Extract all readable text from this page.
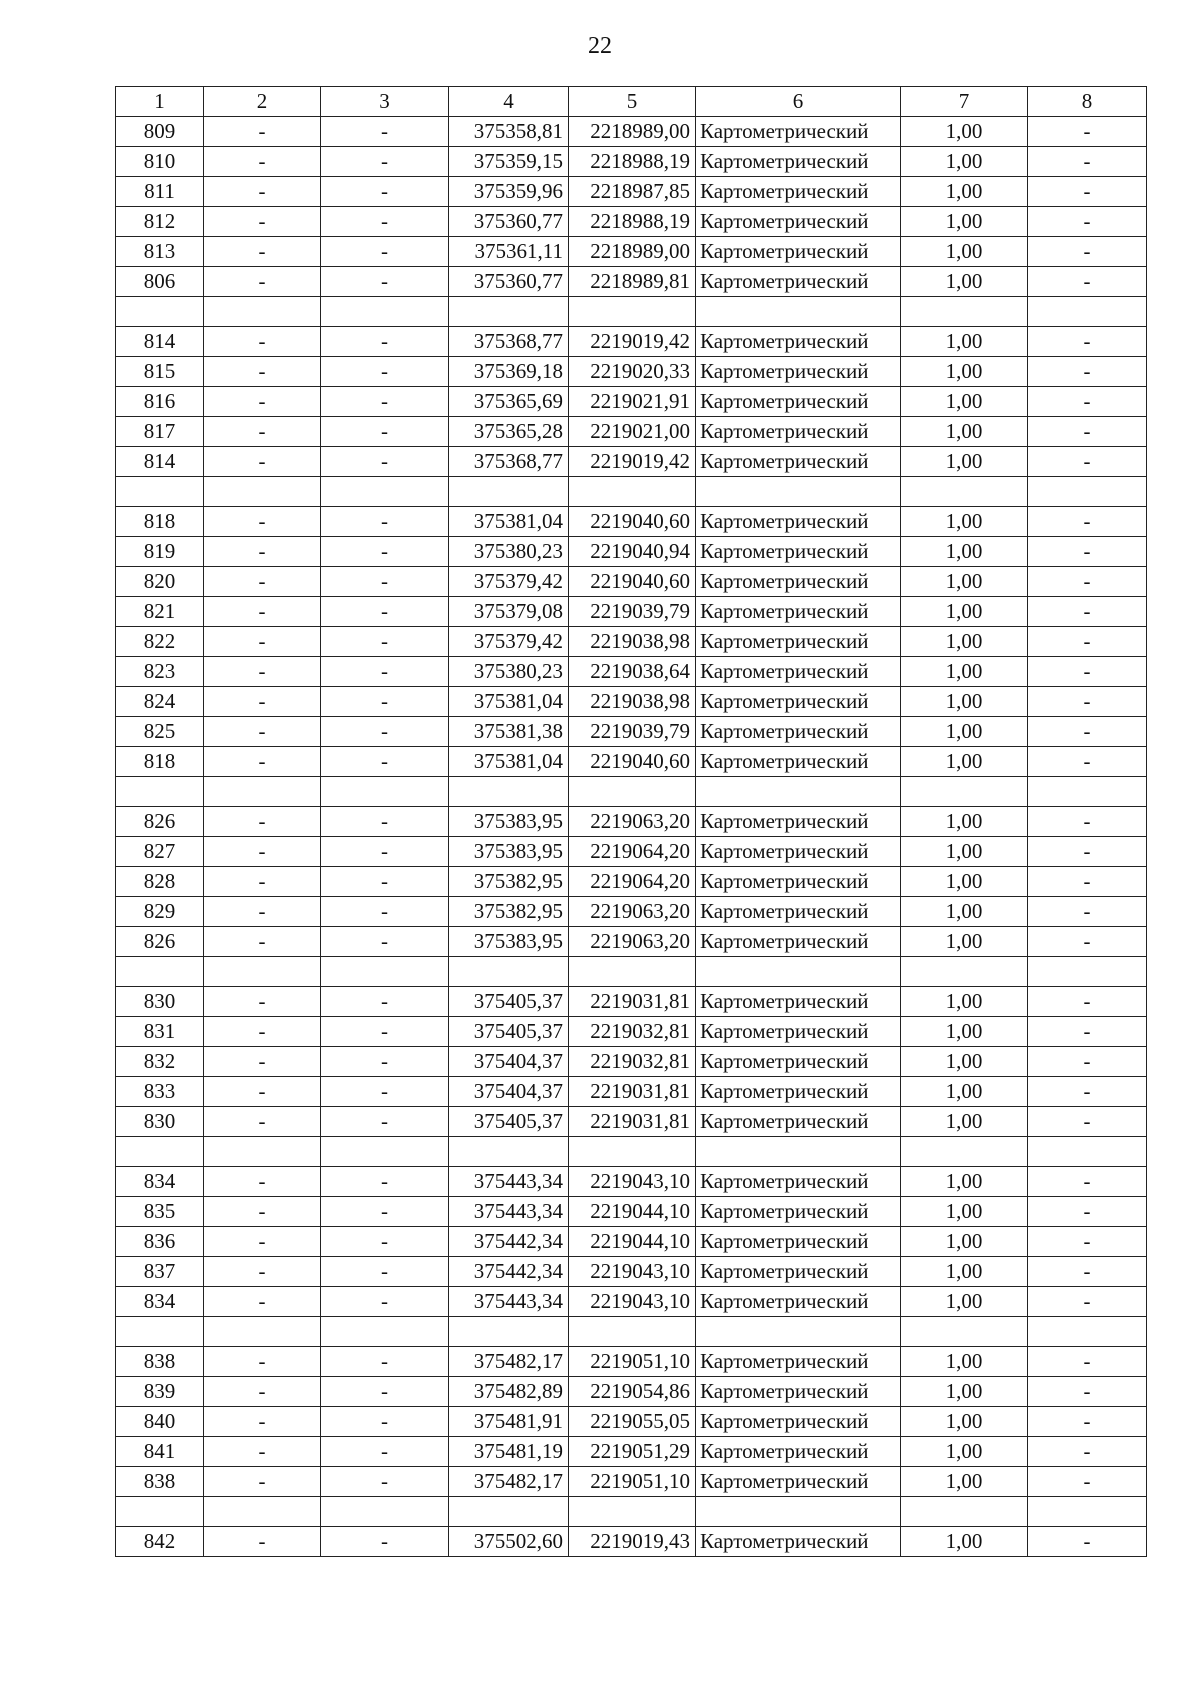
22
1	2	3	4	5	6	7	8
809	-	-	375358,81	2218989,00	Картометрический	1,00	-
810	-	-	375359,15	2218988,19	Картометрический	1,00	-
811	-	-	375359,96	2218987,85	Картометрический	1,00	-
812	-	-	375360,77	2218988,19	Картометрический	1,00	-
813	-	-	375361,11	2218989,00	Картометрический	1,00	-
806	-	-	375360,77	2218989,81	Картометрический	1,00	-

814	-	-	375368,77	2219019,42	Картометрический	1,00	-
815	-	-	375369,18	2219020,33	Картометрический	1,00	-
816	-	-	375365,69	2219021,91	Картометрический	1,00	-
817	-	-	375365,28	2219021,00	Картометрический	1,00	-
814	-	-	375368,77	2219019,42	Картометрический	1,00	-

818	-	-	375381,04	2219040,60	Картометрический	1,00	-
819	-	-	375380,23	2219040,94	Картометрический	1,00	-
820	-	-	375379,42	2219040,60	Картометрический	1,00	-
821	-	-	375379,08	2219039,79	Картометрический	1,00	-
822	-	-	375379,42	2219038,98	Картометрический	1,00	-
823	-	-	375380,23	2219038,64	Картометрический	1,00	-
824	-	-	375381,04	2219038,98	Картометрический	1,00	-
825	-	-	375381,38	2219039,79	Картометрический	1,00	-
818	-	-	375381,04	2219040,60	Картометрический	1,00	-

826	-	-	375383,95	2219063,20	Картометрический	1,00	-
827	-	-	375383,95	2219064,20	Картометрический	1,00	-
828	-	-	375382,95	2219064,20	Картометрический	1,00	-
829	-	-	375382,95	2219063,20	Картометрический	1,00	-
826	-	-	375383,95	2219063,20	Картометрический	1,00	-

830	-	-	375405,37	2219031,81	Картометрический	1,00	-
831	-	-	375405,37	2219032,81	Картометрический	1,00	-
832	-	-	375404,37	2219032,81	Картометрический	1,00	-
833	-	-	375404,37	2219031,81	Картометрический	1,00	-
830	-	-	375405,37	2219031,81	Картометрический	1,00	-

834	-	-	375443,34	2219043,10	Картометрический	1,00	-
835	-	-	375443,34	2219044,10	Картометрический	1,00	-
836	-	-	375442,34	2219044,10	Картометрический	1,00	-
837	-	-	375442,34	2219043,10	Картометрический	1,00	-
834	-	-	375443,34	2219043,10	Картометрический	1,00	-

838	-	-	375482,17	2219051,10	Картометрический	1,00	-
839	-	-	375482,89	2219054,86	Картометрический	1,00	-
840	-	-	375481,91	2219055,05	Картометрический	1,00	-
841	-	-	375481,19	2219051,29	Картометрический	1,00	-
838	-	-	375482,17	2219051,10	Картометрический	1,00	-

842	-	-	375502,60	2219019,43	Картометрический	1,00	-
